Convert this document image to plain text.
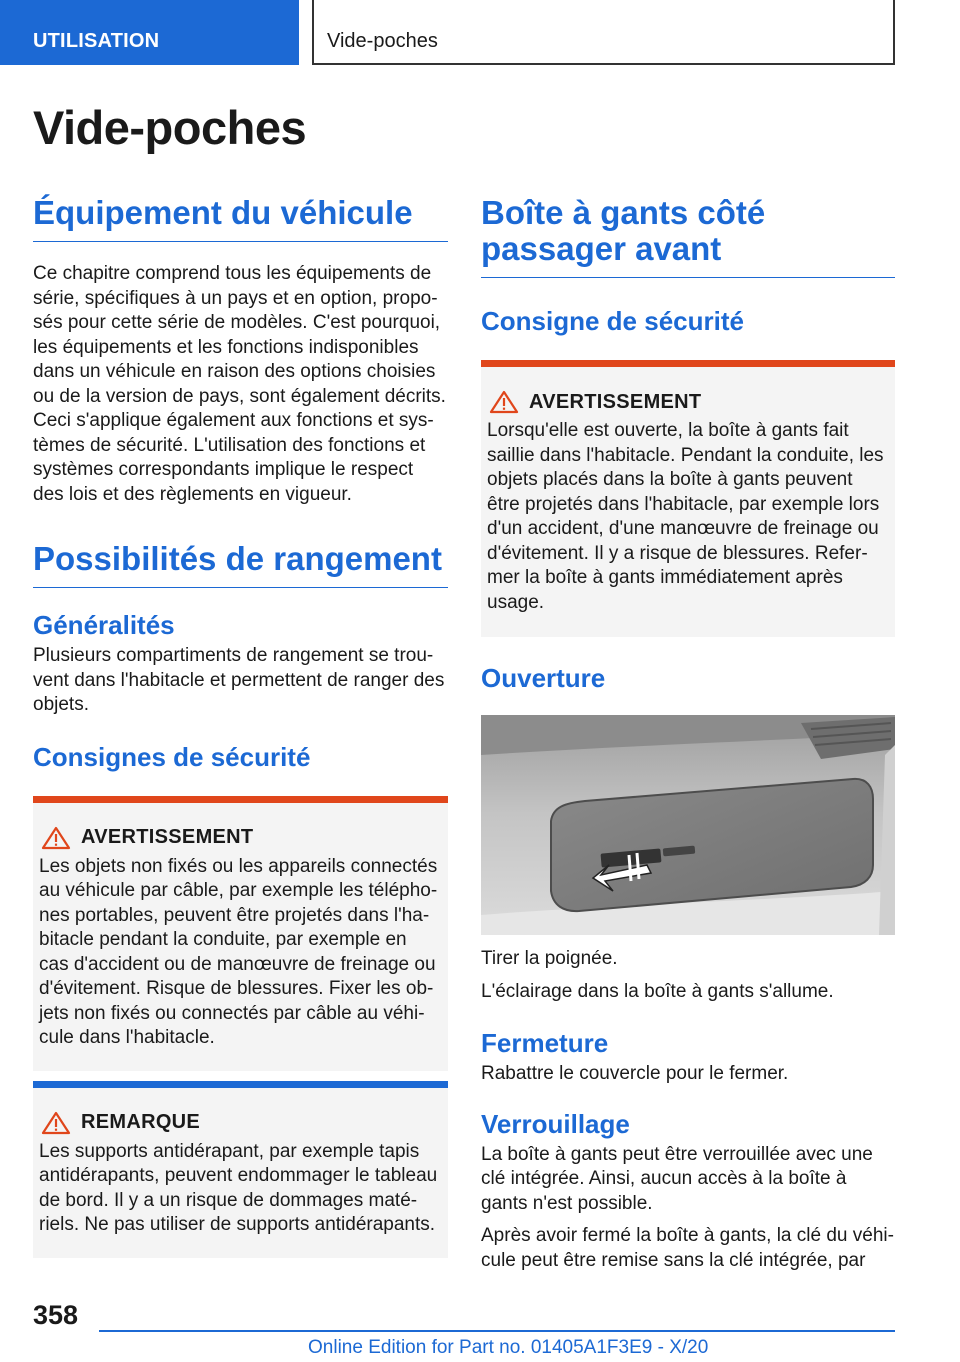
UTILISATION	Vide-poches
Vide-poches
Équipement du véhicule

Ce chapitre comprend tous les équipements de série, spécifiques à un pays et en option, proposés pour cette série de modèles. C'est pourquoi, les équipements et les fonctions indisponibles dans un véhicule en raison des options choisies ou de la version de pays, sont également décrits. Ceci s'applique également aux fonctions et systèmes de sécurité. L'utilisation des fonctions et systèmes correspondants implique le respect des lois et des règlements en vigueur.

Possibilités de rangement
Généralités

Plusieurs compartiments de rangement se trouvent dans l'habitacle et permettent de ranger des objets.

Consignes de sécurité
AVERTISSEMENT

Les objets non fixés ou les appareils connectés au véhicule par câble, par exemple les téléphones portables, peuvent être projetés dans l'habitacle pendant la conduite, par exemple en cas d'accident ou de manœuvre de freinage ou d'évitement. Risque de blessures. Fixer les objets non fixés ou connectés par câble au véhicule dans l'habitacle.

REMARQUE

Les supports antidérapant, par exemple tapis antidérapants, peuvent endommager le tableau de bord. Il y a un risque de dommages matériels. Ne pas utiliser de supports antidérapants.

Boîte à gants côté passager avant
Consigne de sécurité
AVERTISSEMENT

Lorsqu'elle est ouverte, la boîte à gants fait saillie dans l'habitacle. Pendant la conduite, les objets placés dans la boîte à gants peuvent être projetés dans l'habitacle, par exemple lors d'un accident, d'une manœuvre de freinage ou d'évitement. Il y a risque de blessures. Refermer la boîte à gants immédiatement après usage.

Ouverture

Tirer la poignée.

L'éclairage dans la boîte à gants s'allume.

Fermeture

Rabattre le couvercle pour le fermer.

Verrouillage

La boîte à gants peut être verrouillée avec une clé intégrée. Ainsi, aucun accès à la boîte à gants n'est possible.

Après avoir fermé la boîte à gants, la clé du véhicule peut être remise sans la clé intégrée, par

358
Online Edition for Part no. 01405A1F3E9 - X/20
